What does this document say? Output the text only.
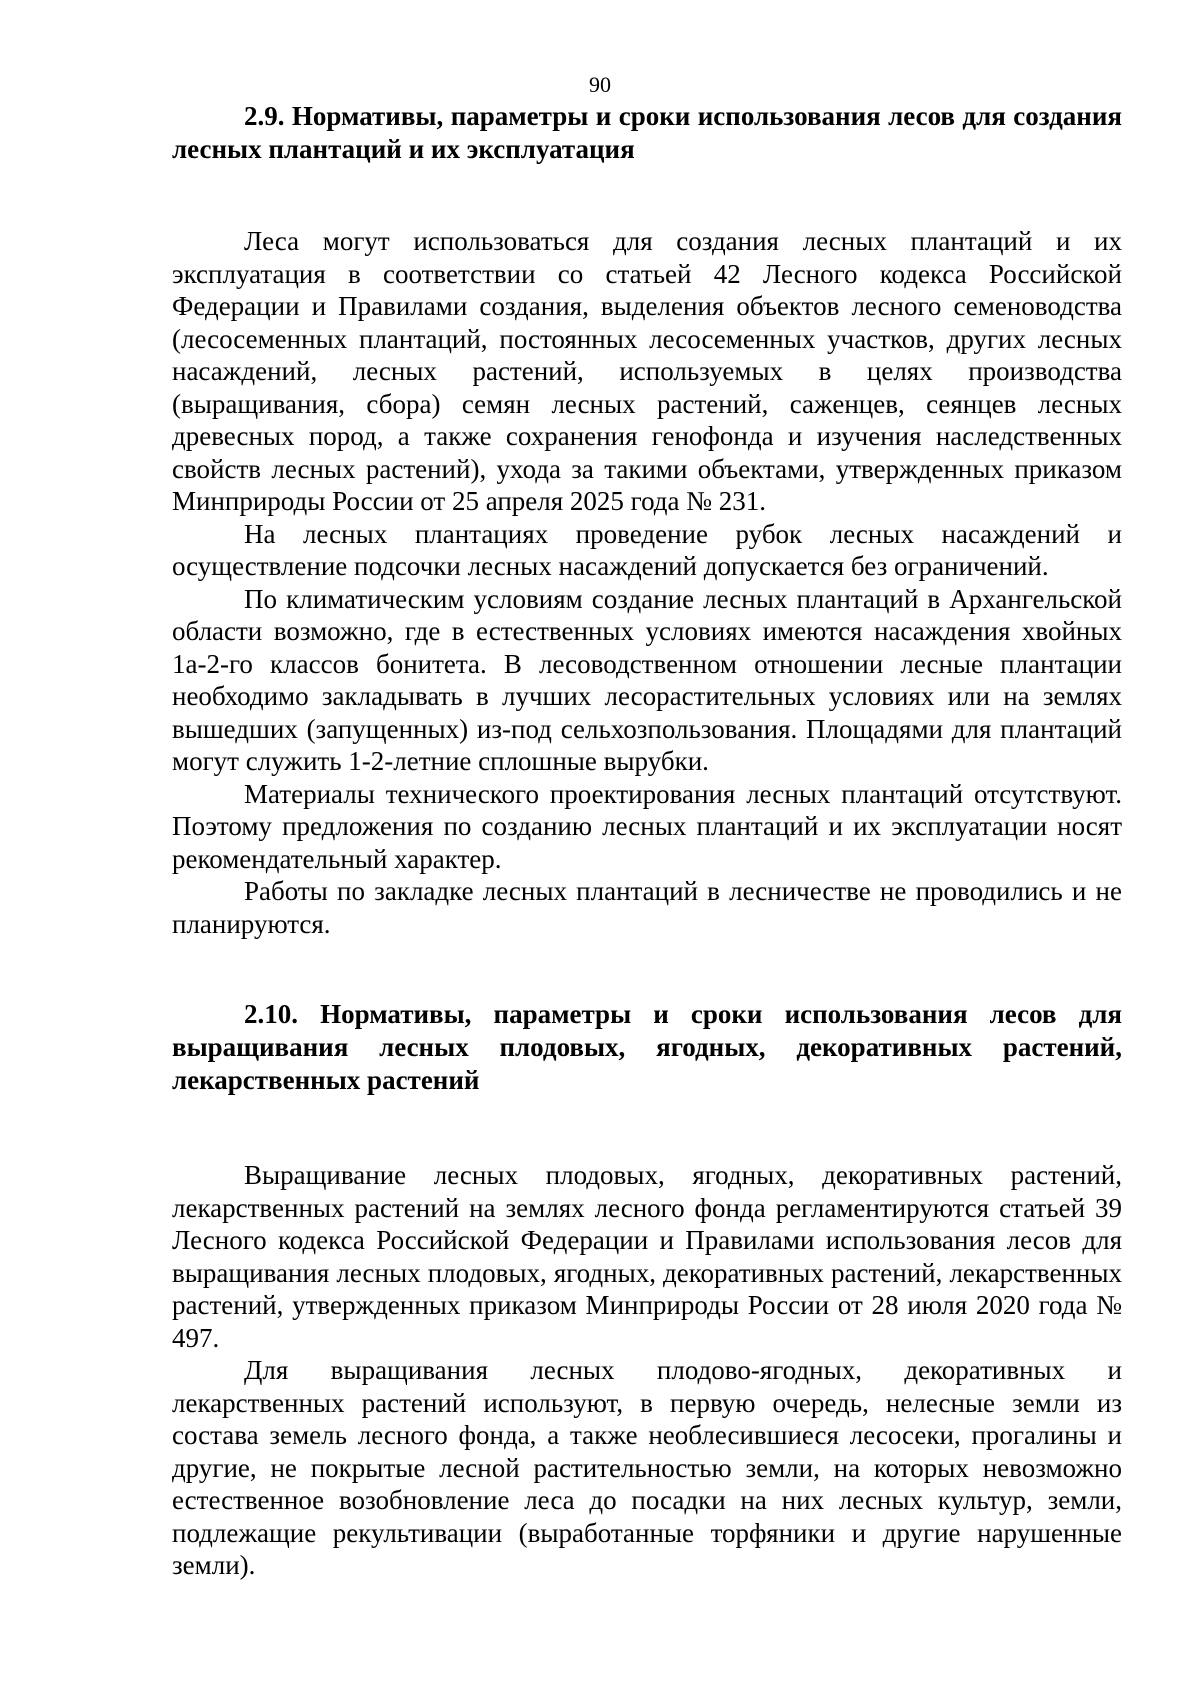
90

2.9. Нормативы, параметры и сроки использования лесов для создания лесных плантаций и их эксплуатация

Леса могут использоваться для создания лесных плантаций и их эксплуатация в соответствии со статьей 42 Лесного кодекса Российской Федерации и Правилами создания, выделения объектов лесного семеноводства (лесосеменных плантаций, постоянных лесосеменных участков, других лесных насаждений, лесных растений, используемых в целях производства (выращивания, сбора) семян лесных растений, саженцев, сеянцев лесных древесных пород, а также сохранения генофонда и изучения наследственных свойств лесных растений), ухода за такими объектами, утвержденных приказом Минприроды России от 25 апреля 2025 года № 231.

На лесных плантациях проведение рубок лесных насаждений и осуществление подсочки лесных насаждений допускается без ограничений.

По климатическим условиям создание лесных плантаций в Архангельской области возможно, где в естественных условиях имеются насаждения хвойных 1а-2-го классов бонитета. В лесоводственном отношении лесные плантации необходимо закладывать в лучших лесорастительных условиях или на землях вышедших (запущенных) из-под сельхозпользования. Площадями для плантаций могут служить 1-2-летние сплошные вырубки.

Материалы технического проектирования лесных плантаций отсутствуют. Поэтому предложения по созданию лесных плантаций и их эксплуатации носят рекомендательный характер.

Работы по закладке лесных плантаций в лесничестве не проводились и не планируются.

2.10. Нормативы, параметры и сроки использования лесов для выращивания лесных плодовых, ягодных, декоративных растений, лекарственных растений

Выращивание лесных плодовых, ягодных, декоративных растений, лекарственных растений на землях лесного фонда регламентируются статьей 39 Лесного кодекса Российской Федерации и Правилами использования лесов для выращивания лесных плодовых, ягодных, декоративных растений, лекарственных растений, утвержденных приказом Минприроды России от 28 июля 2020 года № 497.

Для выращивания лесных плодово-ягодных, декоративных и лекарственных растений используют, в первую очередь, нелесные земли из состава земель лесного фонда, а также необлесившиеся лесосеки, прогалины и другие, не покрытые лесной растительностью земли, на которых невозможно естественное возобновление леса до посадки на них лесных культур, земли, подлежащие рекультивации (выработанные торфяники и другие нарушенные земли).
